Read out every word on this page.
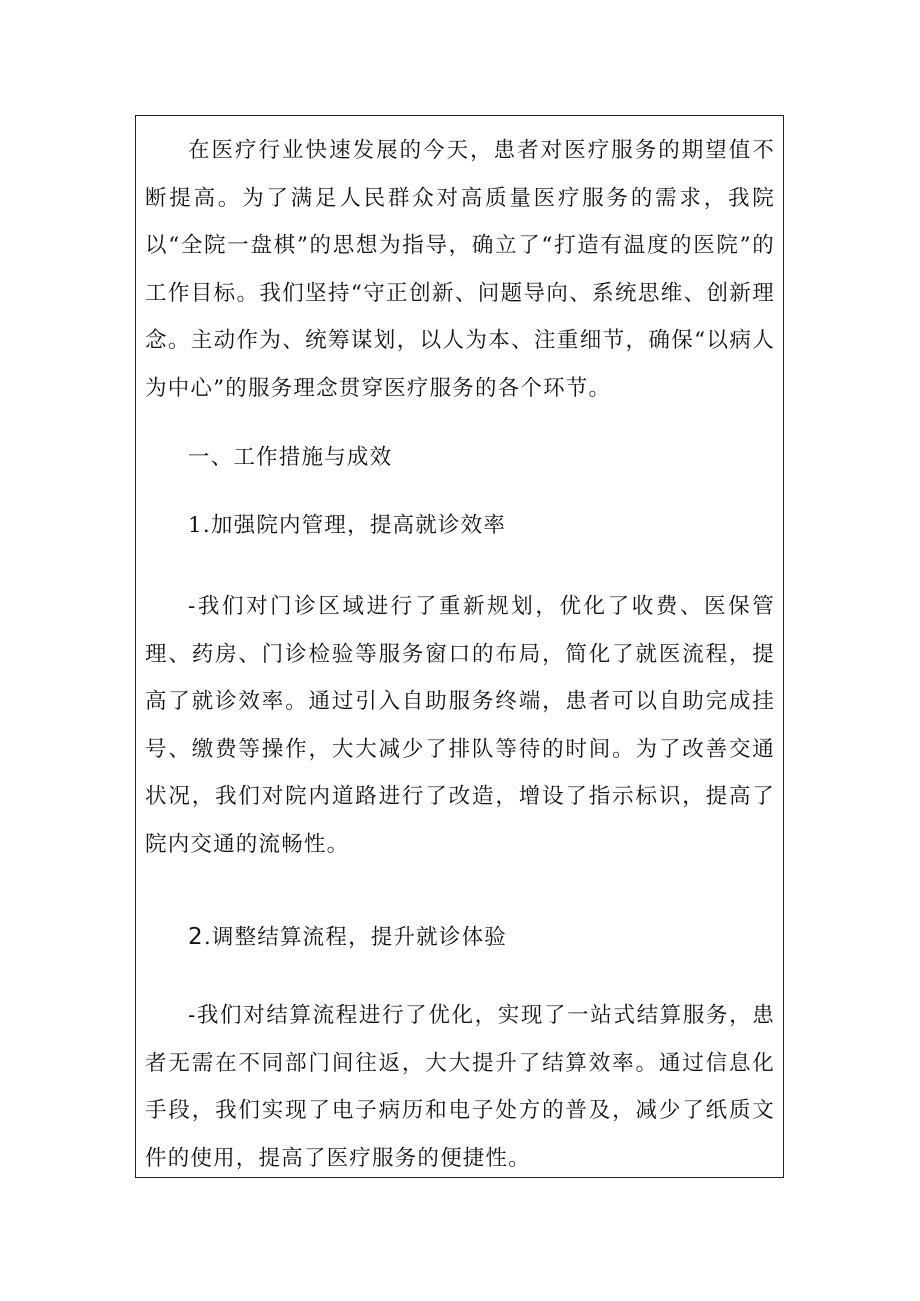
在医疗行业快速发展的今天，患者对医疗服务的期望值不断提高。为了满足人民群众对高质量医疗服务的需求，我院以“全院一盘棋”的思想为指导，确立了“打造有温度的医院”的工作目标。我们坚持“守正创新、问题导向、系统思维、创新理念。主动作为、统筹谋划，以人为本、注重细节，确保“以病人为中心”的服务理念贯穿医疗服务的各个环节。

一、工作措施与成效

1.加强院内管理，提高就诊效率

-我们对门诊区域进行了重新规划，优化了收费、医保管理、药房、门诊检验等服务窗口的布局，简化了就医流程，提高了就诊效率。通过引入自助服务终端，患者可以自助完成挂号、缴费等操作，大大减少了排队等待的时间。为了改善交通状况，我们对院内道路进行了改造，增设了指示标识，提高了院内交通的流畅性。

2.调整结算流程，提升就诊体验

-我们对结算流程进行了优化，实现了一站式结算服务，患者无需在不同部门间往返，大大提升了结算效率。通过信息化手段，我们实现了电子病历和电子处方的普及，减少了纸质文件的使用，提高了医疗服务的便捷性。
